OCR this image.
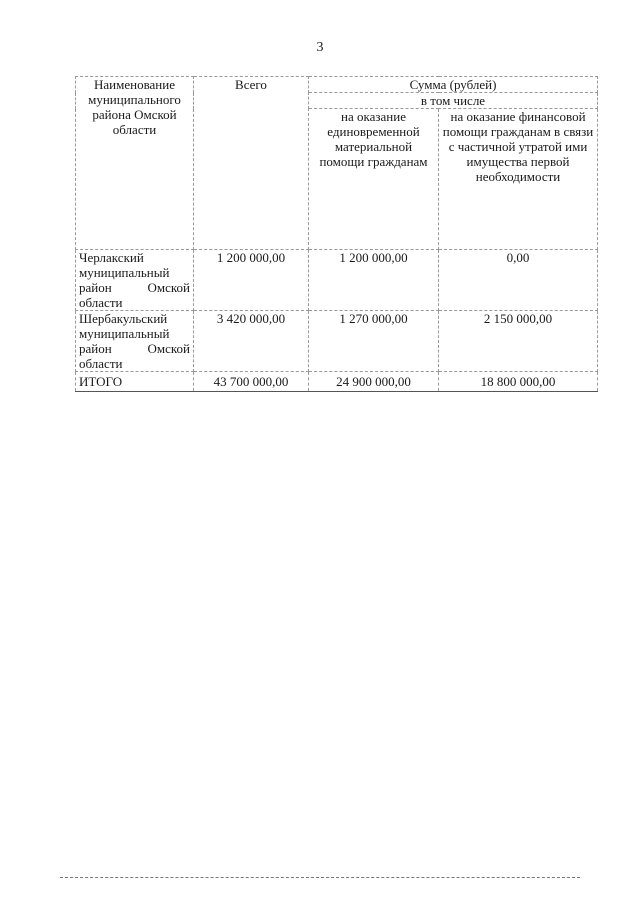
3
Наименование муниципального района Омской области	Всего	Сумма (рублей)	
		в том числе	
		на оказание единовременной материальной помощи гражданам	на оказание финансовой помощи гражданам в связи с частичной утратой ими имущества первой необходимости
Черлакский муниципальный район Омской области	1 200 000,00	1 200 000,00	0,00
Шербакульский муниципальный район Омской области	3 420 000,00	1 270 000,00	2 150 000,00
ИТОГО	43 700 000,00	24 900 000,00	18 800 000,00
